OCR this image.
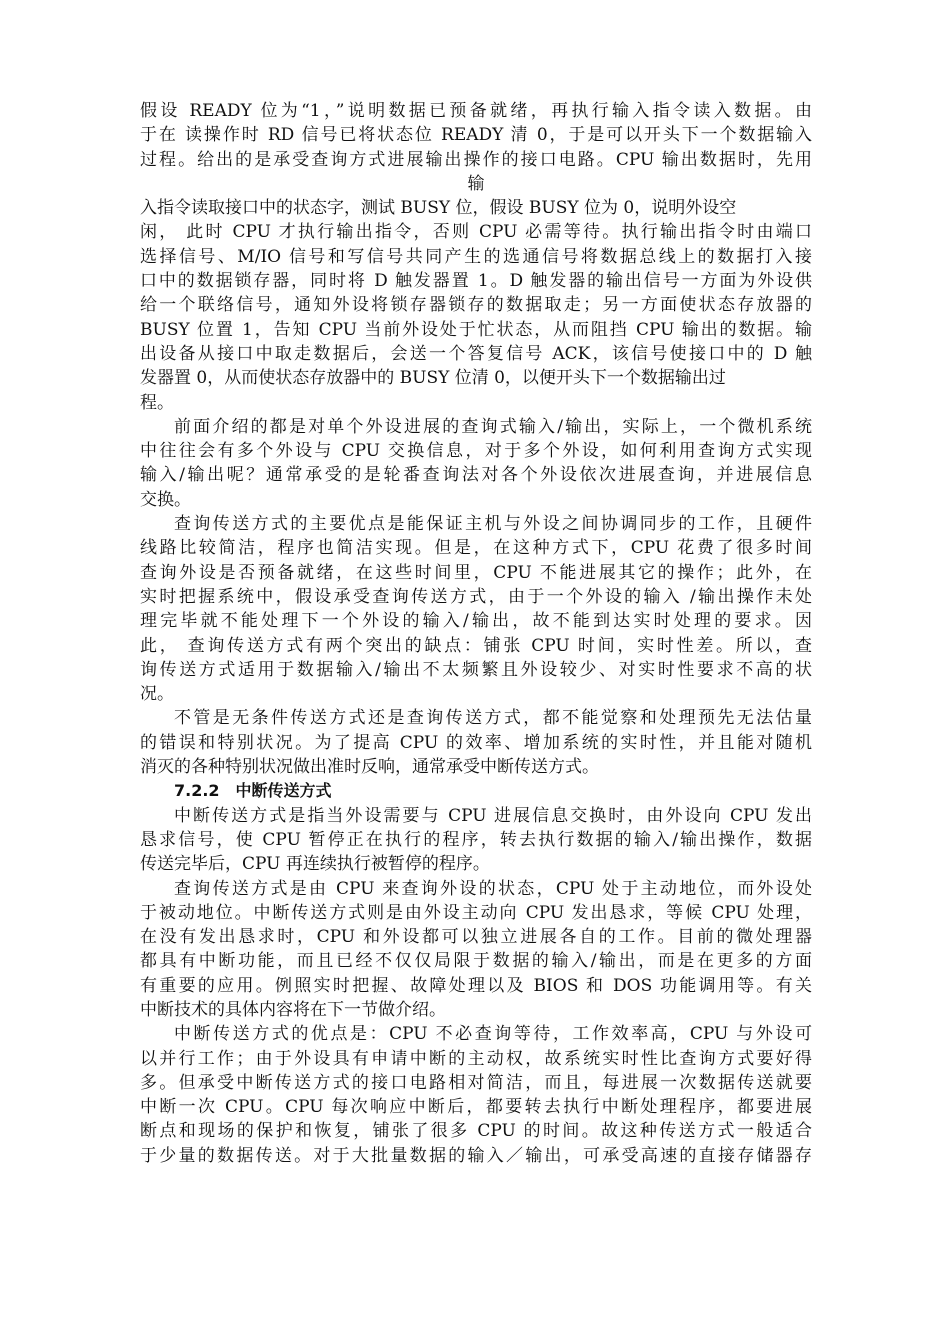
假设 READY 位为“1，”说明数据已预备就绪，再执行输入指令读入数据。由
于在 读操作时 RD 信号已将状态位 READY 清 0，于是可以开头下一个数据输入
过程。给出的是承受查询方式进展输出操作的接口电路。CPU 输出数据时，先用
输
入指令读取接口中的状态字，测试 BUSY 位，假设 BUSY 位为 0，说明外设空
闲， 此时 CPU 才执行输出指令，否则 CPU 必需等待。执行输出指令时由端口
选择信号、M/IO 信号和写信号共同产生的选通信号将数据总线上的数据打入接
口中的数据锁存器，同时将 D 触发器置 1。D 触发器的输出信号一方面为外设供
给一个联络信号，通知外设将锁存器锁存的数据取走；另一方面使状态存放器的
BUSY 位置 1，告知 CPU 当前外设处于忙状态，从而阻挡 CPU 输出的数据。输
出设备从接口中取走数据后，会送一个答复信号 ACK，该信号使接口中的 D 触
发器置 0，从而使状态存放器中的 BUSY 位清 0，以便开头下一个数据输出过
程。
前面介绍的都是对单个外设进展的查询式输入/输出，实际上，一个微机系统
中往往会有多个外设与 CPU 交换信息，对于多个外设，如何利用查询方式实现
输入/输出呢？通常承受的是轮番查询法对各个外设依次进展查询，并进展信息
交换。
查询传送方式的主要优点是能保证主机与外设之间协调同步的工作，且硬件
线路比较简洁，程序也简洁实现。但是，在这种方式下，CPU 花费了很多时间
查询外设是否预备就绪，在这些时间里，CPU 不能进展其它的操作；此外，在
实时把握系统中，假设承受查询传送方式，由于一个外设的输入 /输出操作未处
理完毕就不能处理下一个外设的输入/输出，故不能到达实时处理的要求。因
此， 查询传送方式有两个突出的缺点：铺张 CPU 时间，实时性差。所以，查
询传送方式适用于数据输入/输出不太频繁且外设较少、对实时性要求不高的状
况。
不管是无条件传送方式还是查询传送方式，都不能觉察和处理预先无法估量
的错误和特别状况。为了提高 CPU 的效率、增加系统的实时性，并且能对随机
消灭的各种特别状况做出准时反响，通常承受中断传送方式。
7.2.2　中断传送方式
中断传送方式是指当外设需要与 CPU 进展信息交换时，由外设向 CPU 发出
恳求信号，使 CPU 暂停正在执行的程序，转去执行数据的输入/输出操作，数据
传送完毕后，CPU 再连续执行被暂停的程序。
查询传送方式是由 CPU 来查询外设的状态，CPU 处于主动地位，而外设处
于被动地位。中断传送方式则是由外设主动向 CPU 发出恳求，等候 CPU 处理，
在没有发出恳求时，CPU 和外设都可以独立进展各自的工作。目前的微处理器
都具有中断功能，而且已经不仅仅局限于数据的输入/输出，而是在更多的方面
有重要的应用。例照实时把握、故障处理以及 BIOS 和 DOS 功能调用等。有关
中断技术的具体内容将在下一节做介绍。
中断传送方式的优点是：CPU 不必查询等待，工作效率高，CPU 与外设可
以并行工作；由于外设具有申请中断的主动权，故系统实时性比查询方式要好得
多。但承受中断传送方式的接口电路相对简洁，而且，每进展一次数据传送就要
中断一次 CPU。CPU 每次响应中断后，都要转去执行中断处理程序，都要进展
断点和现场的保护和恢复，铺张了很多 CPU 的时间。故这种传送方式一般适合
于少量的数据传送。对于大批量数据的输入／输出，可承受高速的直接存储器存
